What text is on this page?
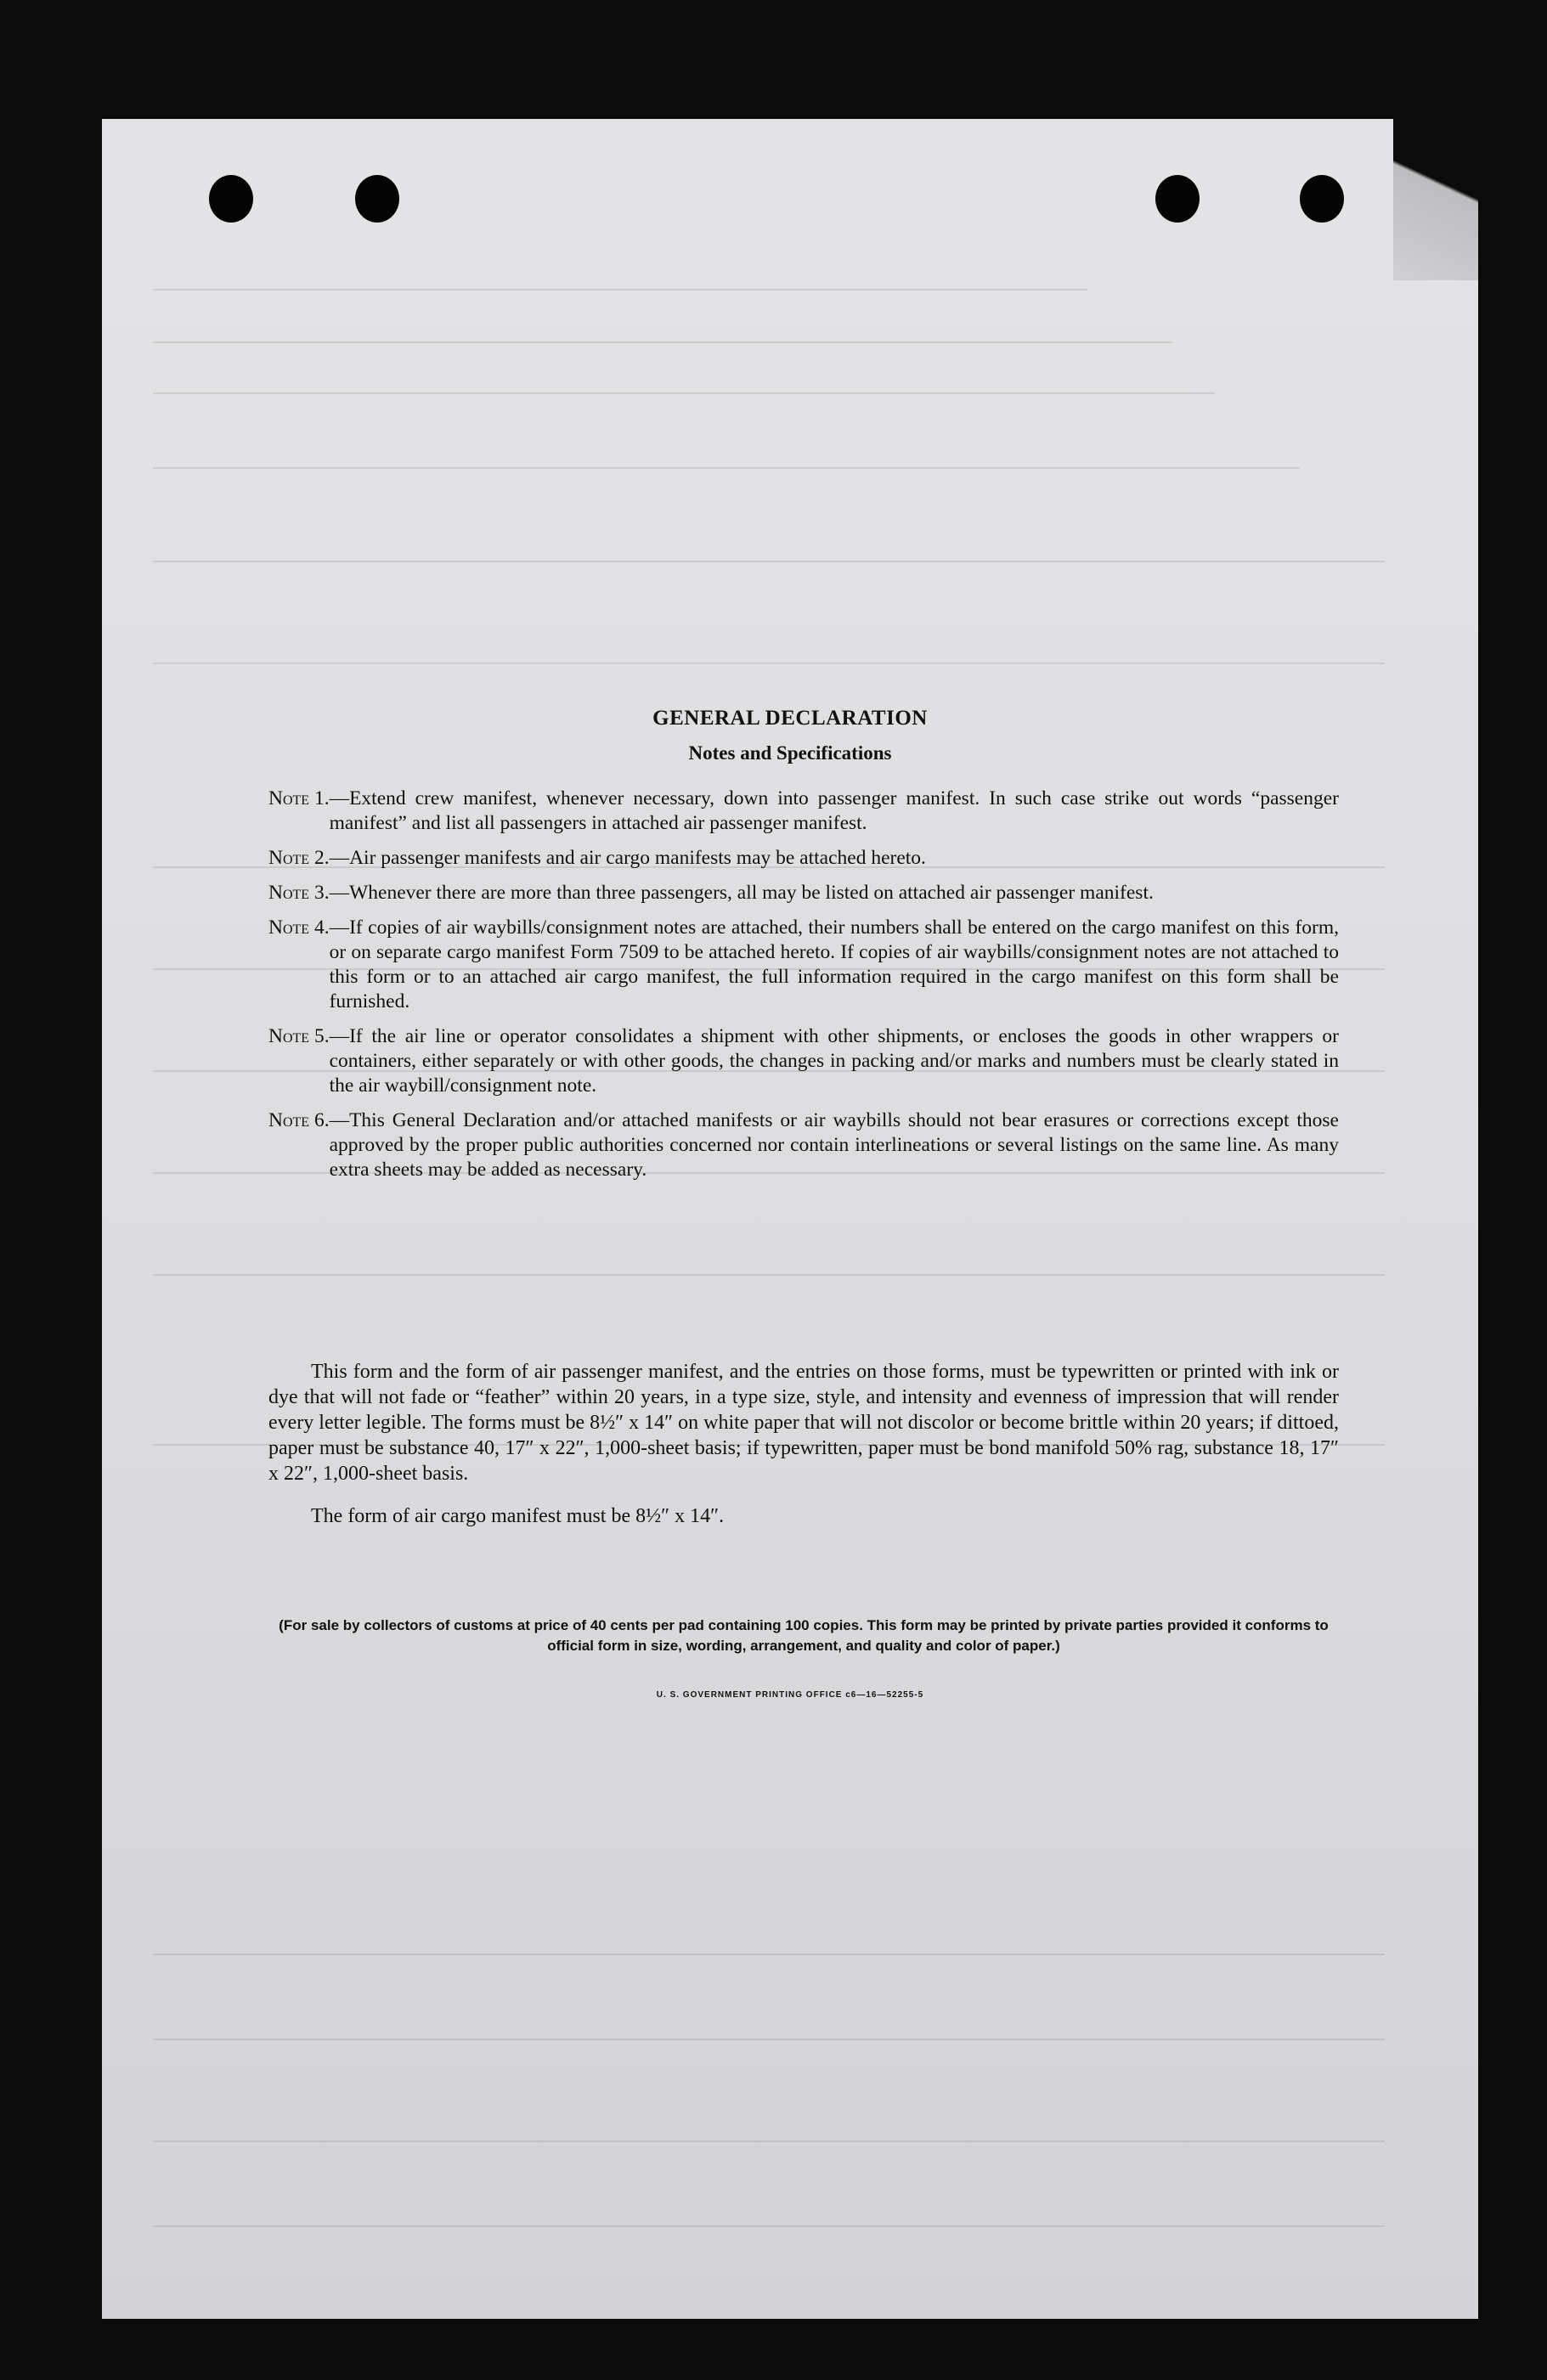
GENERAL DECLARATION
Notes and Specifications
Note 1. —Extend crew manifest, whenever necessary, down into passenger manifest. In such case strike out words “passenger manifest” and list all passengers in attached air passenger manifest.
Note 2. —Air passenger manifests and air cargo manifests may be attached hereto.
Note 3. —Whenever there are more than three passengers, all may be listed on attached air passenger manifest.
Note 4. —If copies of air waybills/consignment notes are attached, their numbers shall be entered on the cargo manifest on this form, or on separate cargo manifest Form 7509 to be attached hereto. If copies of air waybills/consignment notes are not attached to this form or to an attached air cargo manifest, the full information required in the cargo manifest on this form shall be furnished.
Note 5. —If the air line or operator consolidates a shipment with other shipments, or encloses the goods in other wrappers or containers, either separately or with other goods, the changes in packing and/or marks and numbers must be clearly stated in the air waybill/consignment note.
Note 6. —This General Declaration and/or attached manifests or air waybills should not bear erasures or corrections except those approved by the proper public authorities concerned nor contain interlineations or several listings on the same line. As many extra sheets may be added as necessary.
This form and the form of air passenger manifest, and the entries on those forms, must be typewritten or printed with ink or dye that will not fade or “feather” within 20 years, in a type size, style, and intensity and evenness of impression that will render every letter legible. The forms must be 8½″ x 14″ on white paper that will not discolor or become brittle within 20 years; if dittoed, paper must be substance 40, 17″ x 22″, 1,000-sheet basis; if typewritten, paper must be bond manifold 50% rag, substance 18, 17″ x 22″, 1,000-sheet basis.
The form of air cargo manifest must be 8½″ x 14″.
(For sale by collectors of customs at price of 40 cents per pad containing 100 copies. This form may be printed by private parties provided it conforms to official form in size, wording, arrangement, and quality and color of paper.)
U. S. GOVERNMENT PRINTING OFFICE c6—16—52255-5
